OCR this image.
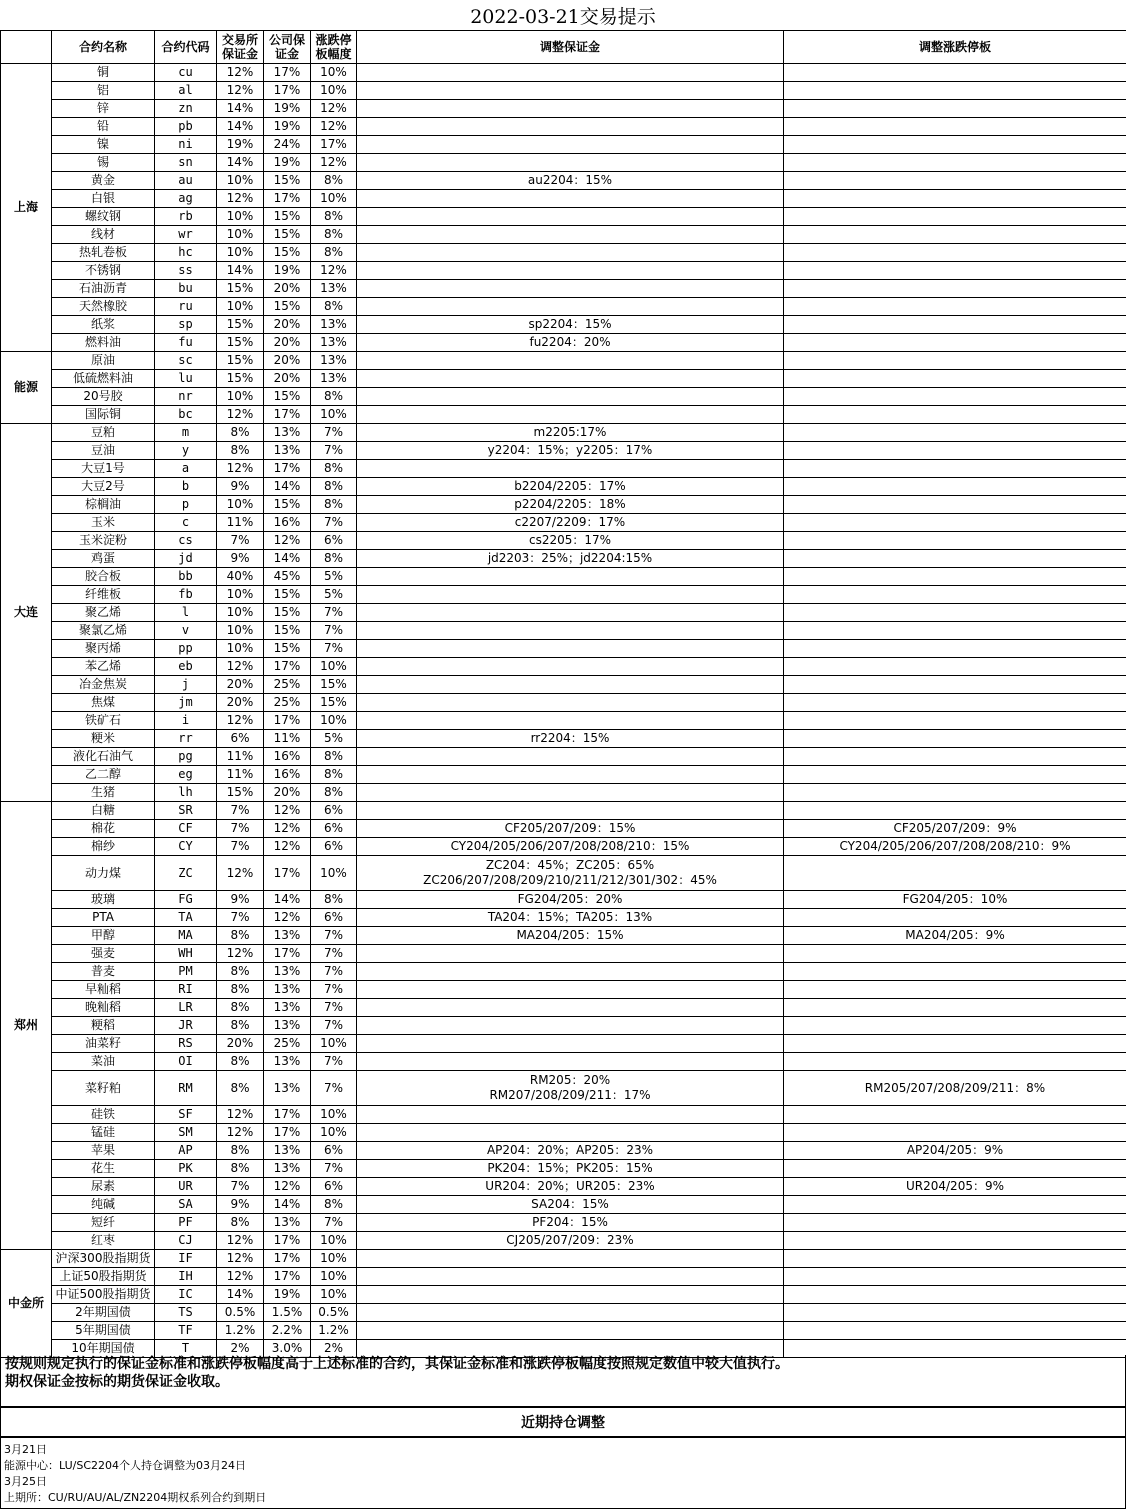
2022-03-21交易提示
	合约名称	合约代码	交易所保证金	公司保证金	涨跌停板幅度	调整保证金	调整涨跌停板
上海	铜	cu	12%	17%	10%		
	铝	al	12%	17%	10%		
	锌	zn	14%	19%	12%		
	铅	pb	14%	19%	12%		
	镍	ni	19%	24%	17%		
	锡	sn	14%	19%	12%		
	黄金	au	10%	15%	8%	au2204：15%	

	白银	ag	12%	17%	10%		
	螺纹钢	rb	10%	15%	8%		
	线材	wr	10%	15%	8%		
	热轧卷板	hc	10%	15%	8%		
	不锈钢	ss	14%	19%	12%		
	石油沥青	bu	15%	20%	13%		
	天然橡胶	ru	10%	15%	8%		
	纸浆	sp	15%	20%	13%	sp2204：15%	

	燃料油	fu	15%	20%	13%	fu2204：20%	

能源	原油	sc	15%	20%	13%		
	低硫燃料油	lu	15%	20%	13%		
	20号胶	nr	10%	15%	8%		
	国际铜	bc	12%	17%	10%		
大连	豆粕	m	8%	13%	7%	m2205:17%	

	豆油	y	8%	13%	7%	y2204：15%；y2205：17%	

	大豆1号	a	12%	17%	8%		
	大豆2号	b	9%	14%	8%	b2204/2205：17%	

	棕榈油	p	10%	15%	8%	p2204/2205：18%	

	玉米	c	11%	16%	7%	c2207/2209：17%	

	玉米淀粉	cs	7%	12%	6%	cs2205：17%	

	鸡蛋	jd	9%	14%	8%	jd2203：25%；jd2204:15%	

	胶合板	bb	40%	45%	5%		
	纤维板	fb	10%	15%	5%		
	聚乙烯	l	10%	15%	7%		
	聚氯乙烯	v	10%	15%	7%		
	聚丙烯	pp	10%	15%	7%		
	苯乙烯	eb	12%	17%	10%		
	冶金焦炭	j	20%	25%	15%		
	焦煤	jm	20%	25%	15%		
	铁矿石	i	12%	17%	10%		
	粳米	rr	6%	11%	5%	rr2204：15%	

	液化石油气	pg	11%	16%	8%		
	乙二醇	eg	11%	16%	8%		
	生猪	lh	15%	20%	8%		
郑州	白糖	SR	7%	12%	6%		
	棉花	CF	7%	12%	6%	CF205/207/209：15%	CF205/207/209：9%

	棉纱	CY	7%	12%	6%	CY204/205/206/207/208/208/210：15%	CY204/205/206/207/208/208/210：9%

	动力煤	ZC	12%	17%	10%	ZC204：45%；ZC205：65%
ZC206/207/208/209/210/211/212/301/302：45%	

	玻璃	FG	9%	14%	8%	FG204/205：20%	FG204/205：10%

	PTA	TA	7%	12%	6%	TA204：15%；TA205：13%	

	甲醇	MA	8%	13%	7%	MA204/205：15%	MA204/205：9%

	强麦	WH	12%	17%	7%		
	普麦	PM	8%	13%	7%		
	早籼稻	RI	8%	13%	7%		
	晚籼稻	LR	8%	13%	7%		
	粳稻	JR	8%	13%	7%		
	油菜籽	RS	20%	25%	10%		
	菜油	OI	8%	13%	7%		
	菜籽粕	RM	8%	13%	7%	RM205：20%
RM207/208/209/211：17%	RM205/207/208/209/211：8%

	硅铁	SF	12%	17%	10%		
	锰硅	SM	12%	17%	10%		
	苹果	AP	8%	13%	6%	AP204：20%；AP205：23%	AP204/205：9%

	花生	PK	8%	13%	7%	PK204：15%；PK205：15%	

	尿素	UR	7%	12%	6%	UR204：20%；UR205：23%	UR204/205：9%

	纯碱	SA	9%	14%	8%	SA204：15%	

	短纤	PF	8%	13%	7%	PF204：15%	

	红枣	CJ	12%	17%	10%	CJ205/207/209：23%	

中金所	沪深300股指期货	IF	12%	17%	10%		
	上证50股指期货	IH	12%	17%	10%		
	中证500股指期货	IC	14%	19%	10%		
	2年期国债	TS	0.5%	1.5%	0.5%		
	5年期国债	TF	1.2%	2.2%	1.2%		
	10年期国债	T	2%	3.0%	2%		
按规则规定执行的保证金标准和涨跌停板幅度高于上述标准的合约，其保证金标准和涨跌停板幅度按照规定数值中较大值执行。
期权保证金按标的期货保证金收取。
近期持仓调整
3月21日
能源中心：LU/SC2204个人持仓调整为03月24日
3月25日
上期所：CU/RU/AU/AL/ZN2204期权系列合约到期日
